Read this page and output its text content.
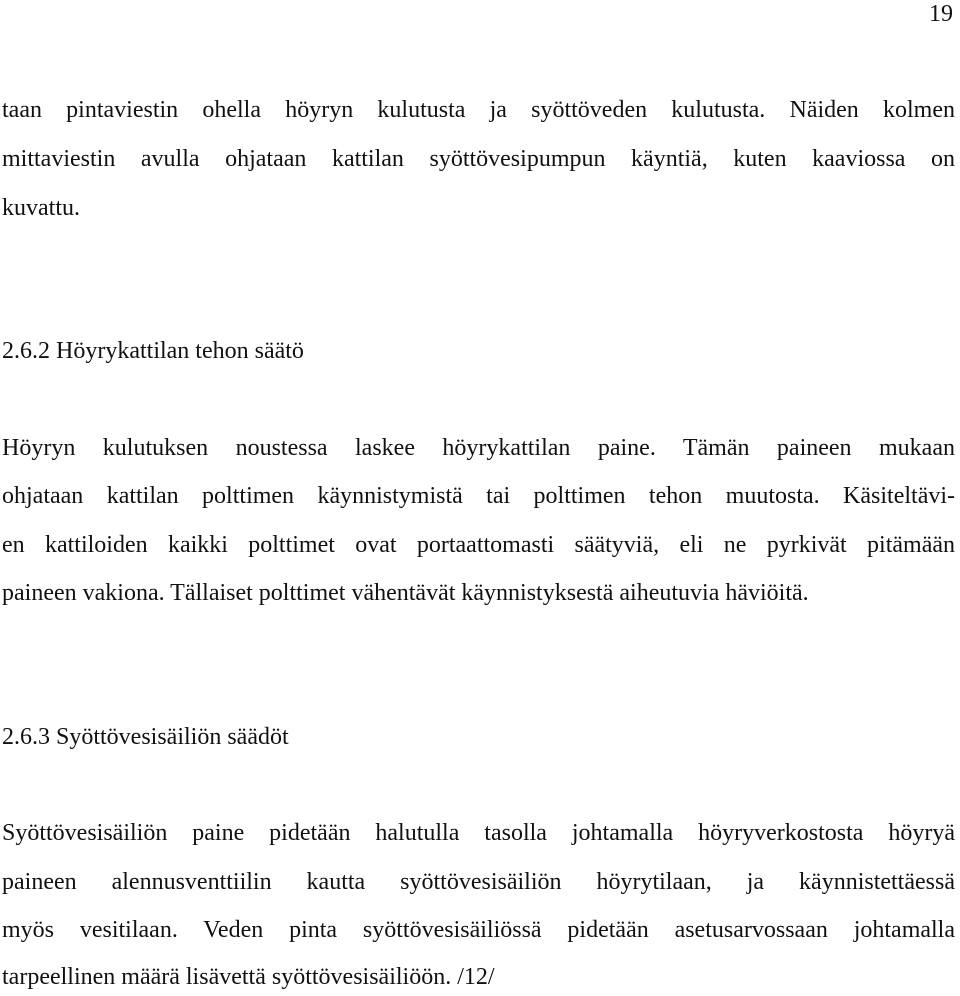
19
taan pintaviestin ohella höyryn kulutusta ja syöttöveden kulutusta. Näiden kolmen
mittaviestin avulla ohjataan kattilan syöttövesipumpun käyntiä, kuten kaaviossa on
kuvattu.
2.6.2 Höyrykattilan tehon säätö
Höyryn kulutuksen noustessa laskee höyrykattilan paine. Tämän paineen mukaan
ohjataan kattilan polttimen käynnistymistä tai polttimen tehon muutosta. Käsiteltävi-
en kattiloiden kaikki polttimet ovat portaattomasti säätyviä, eli ne pyrkivät pitämään
paineen vakiona. Tällaiset polttimet vähentävät käynnistyksestä aiheutuvia häviöitä.
2.6.3 Syöttövesisäiliön säädöt
Syöttövesisäiliön paine pidetään halutulla tasolla johtamalla höyryverkostosta höyryä
paineen alennusventtiilin kautta syöttövesisäiliön höyrytilaan, ja käynnistettäessä
myös vesitilaan. Veden pinta syöttövesisäiliössä pidetään asetusarvossaan johtamalla
tarpeellinen määrä lisävettä syöttövesisäiliöön. /12/
